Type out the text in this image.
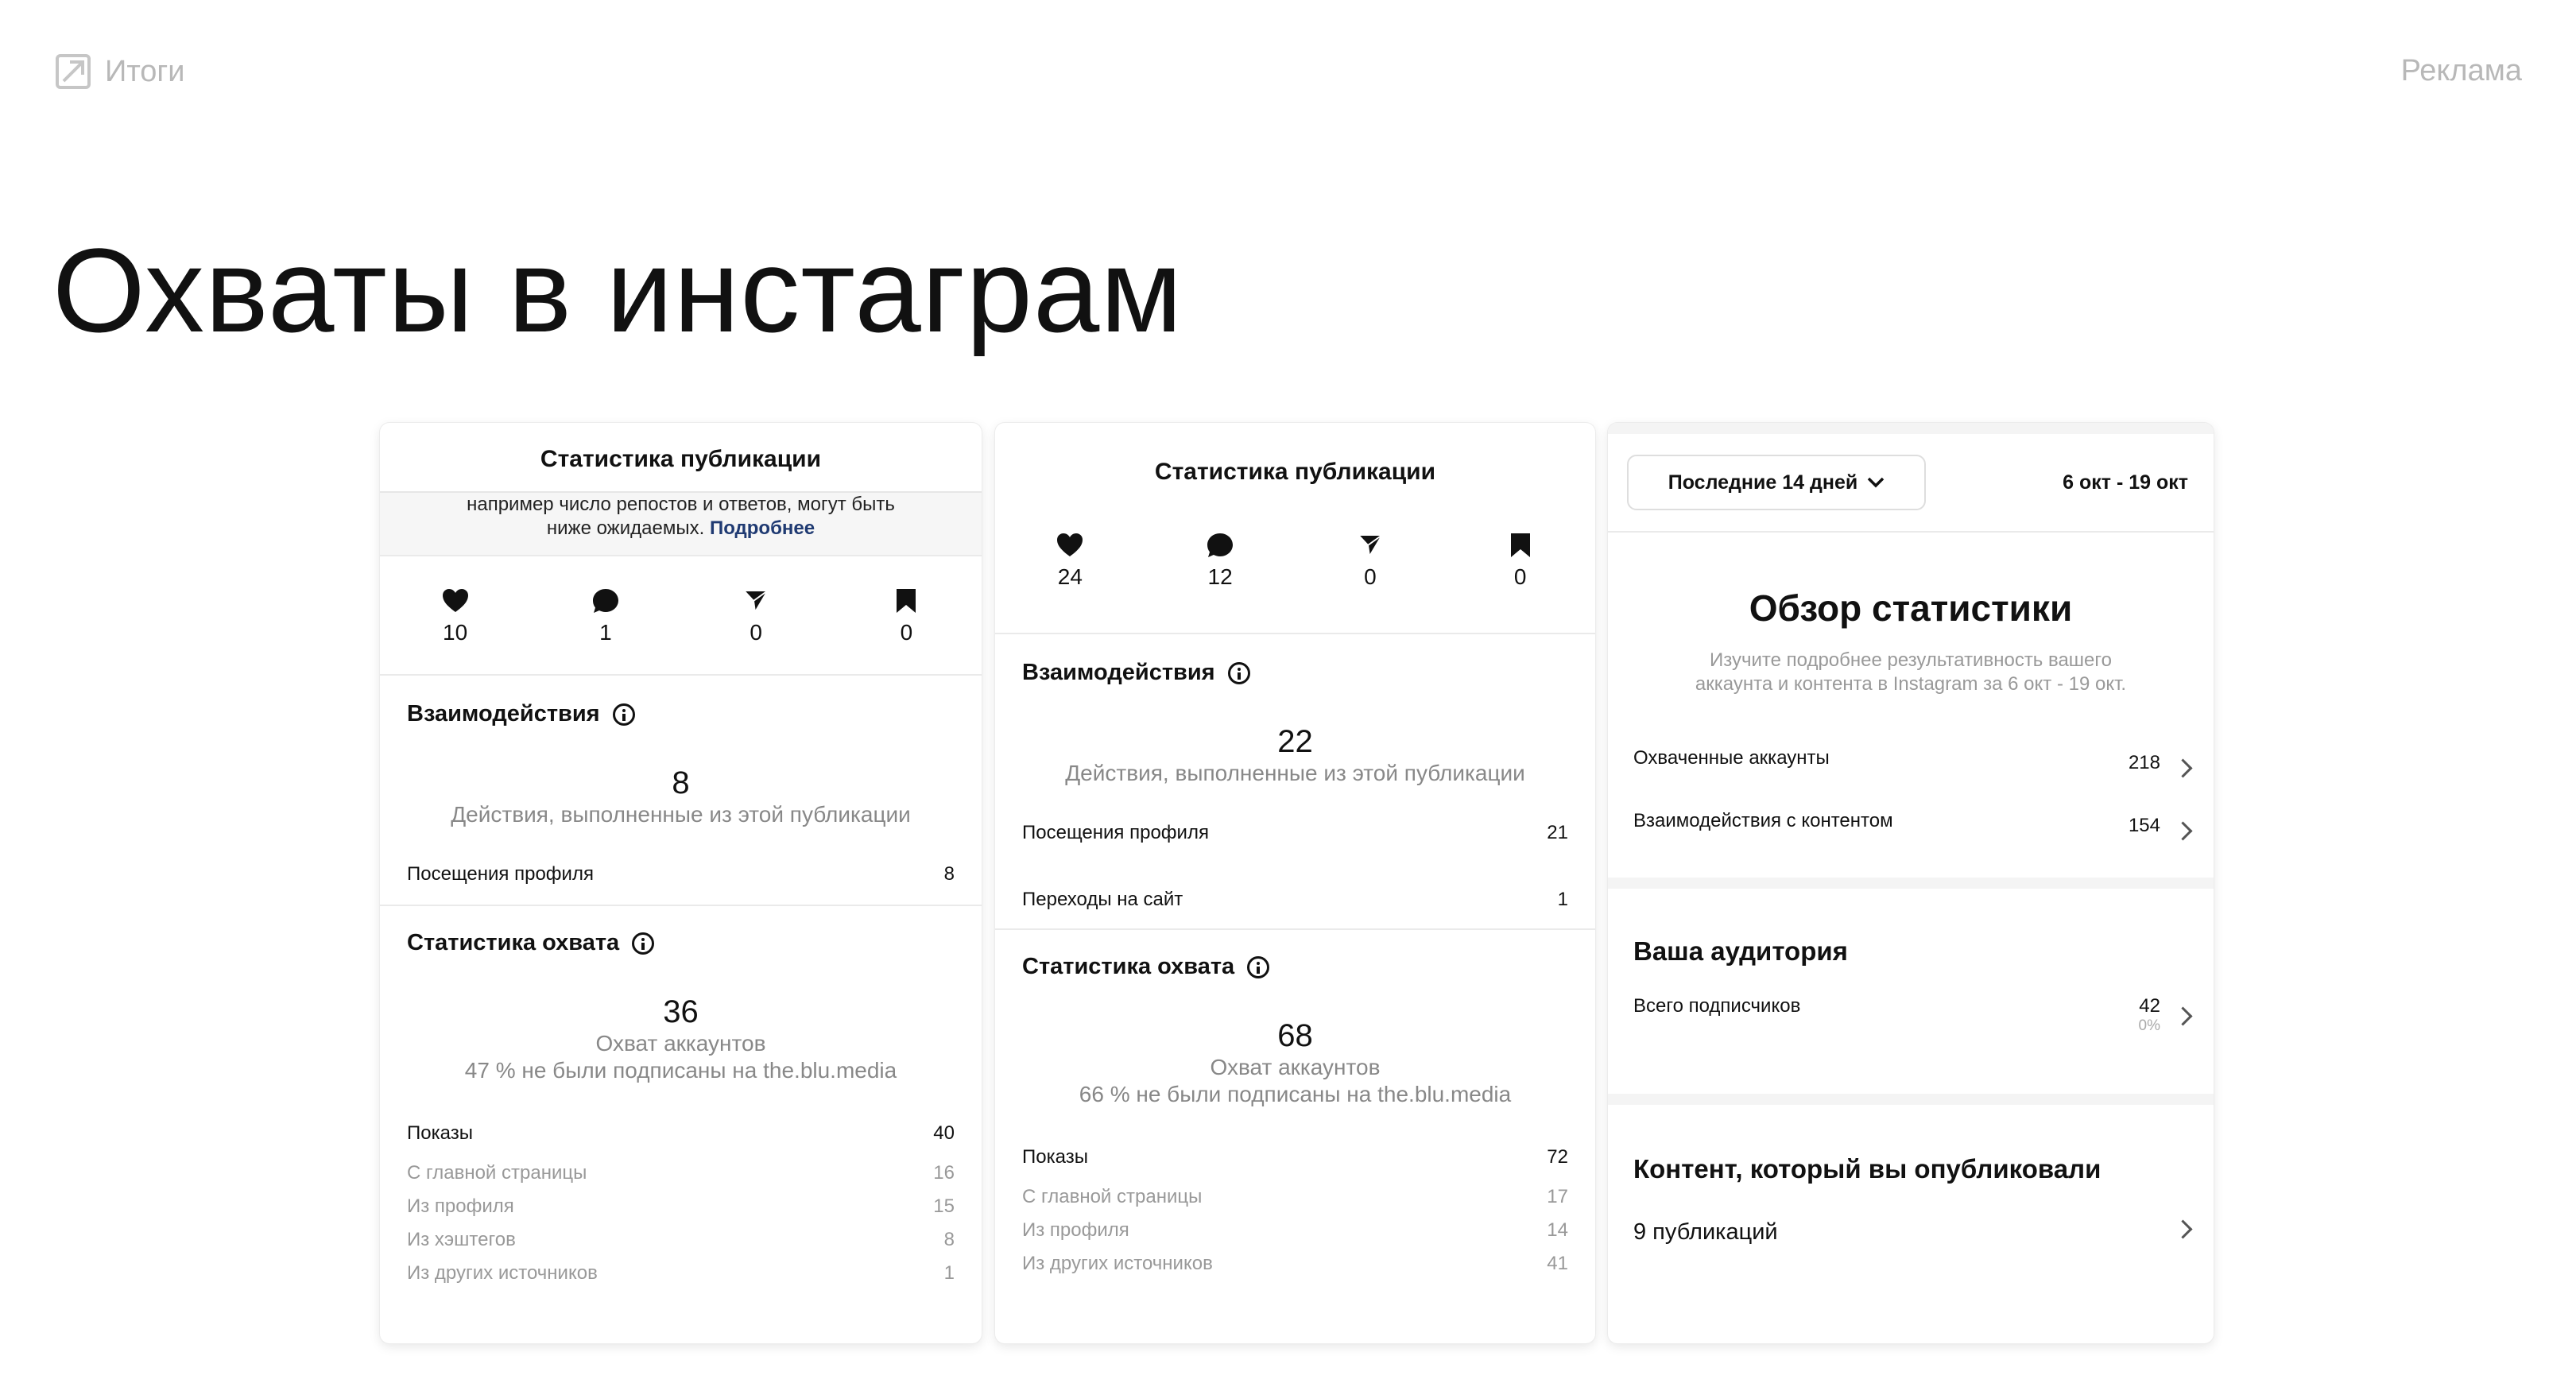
Итоги	Реклама
Охваты в инстаграм
Статистика публикации
например число репостов и ответов, могут быть
ниже ожидаемых. Подробнее
10	1	0	0
Взаимодействия
8
Действия, выполненные из этой публикации
Посещения профиля	8
Статистика охвата
36
Охват аккаунтов
47 % не были подписаны на the.blu.media
Показы	40
С главной страницы	16
Из профиля	15
Из хэштегов	8
Из других источников	1
Статистика публикации
24	12	0	0
Взаимодействия
22
Действия, выполненные из этой публикации
Посещения профиля	21
Переходы на сайт	1
Статистика охвата
68
Охват аккаунтов
66 % не были подписаны на the.blu.media
Показы	72
С главной страницы	17
Из профиля	14
Из других источников	41
Последние 14 дней	6 окт - 19 окт
Обзор статистики
Изучите подробнее результативность вашего аккаунта и контента в Instagram за 6 окт - 19 окт.
Охваченные аккаунты	218
Взаимодействия с контентом	154
Ваша аудитория
Всего подписчиков	42
0%
Контент, который вы опубликовали
9 публикаций
